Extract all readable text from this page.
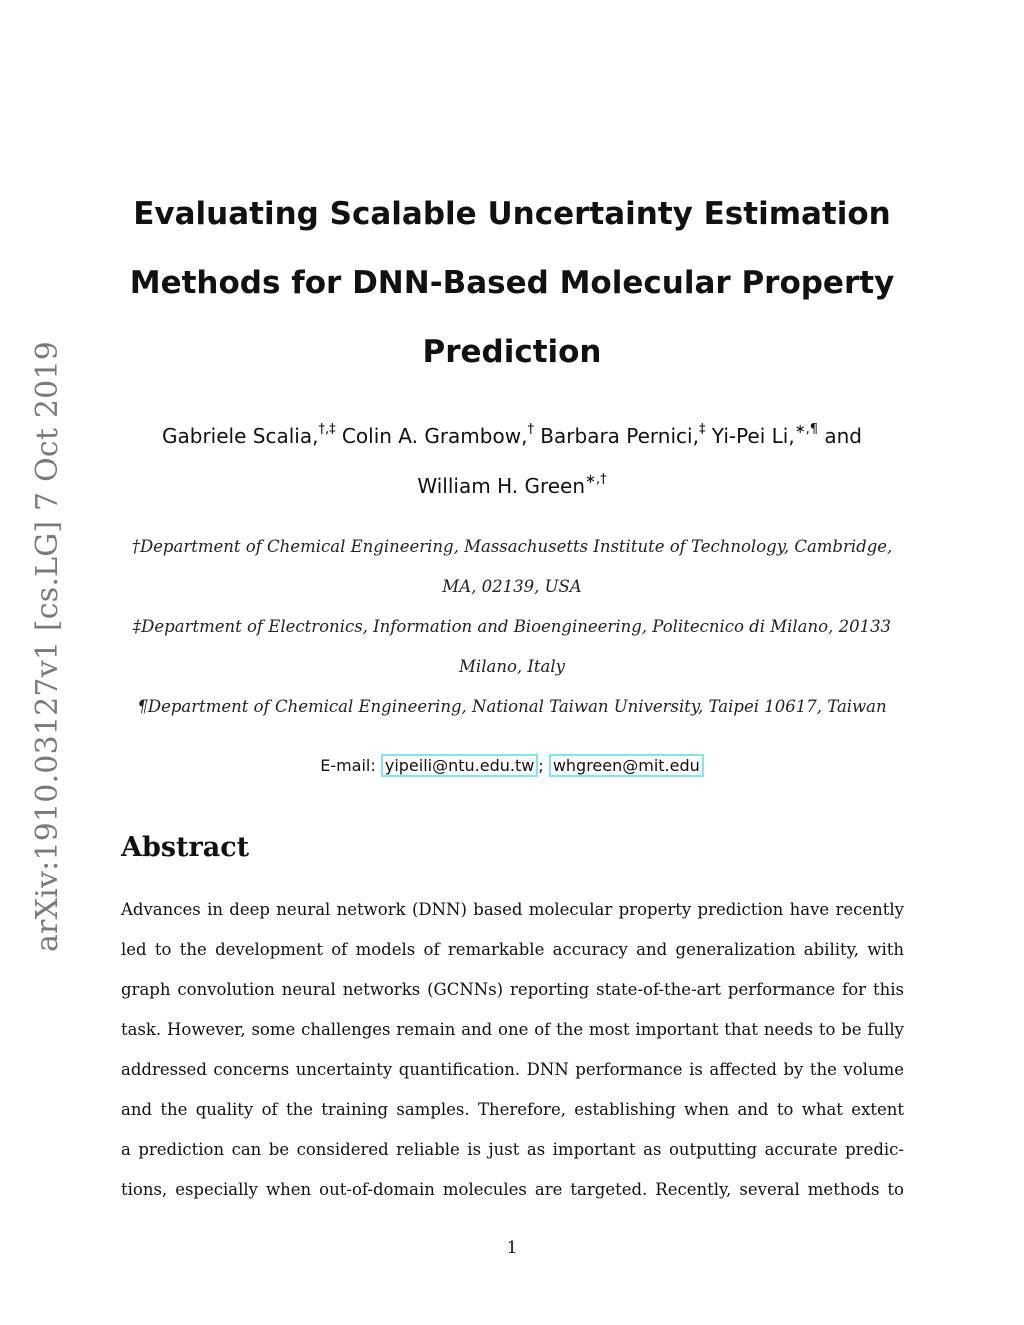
arXiv:1910.03127v1 [cs.LG] 7 Oct 2019
Evaluating Scalable Uncertainty Estimation
Methods for DNN-Based Molecular Property
Prediction
Gabriele Scalia,†,‡ Colin A. Grambow,† Barbara Pernici,‡ Yi-Pei Li,∗,¶ and
William H. Green∗,†
†Department of Chemical Engineering, Massachusetts Institute of Technology, Cambridge,
MA, 02139, USA
‡Department of Electronics, Information and Bioengineering, Politecnico di Milano, 20133
Milano, Italy
¶Department of Chemical Engineering, National Taiwan University, Taipei 10617, Taiwan
E-mail: yipeili@ntu.edu.tw ; whgreen@mit.edu
Abstract
Advances in deep neural network (DNN) based molecular property prediction have recently
led to the development of models of remarkable accuracy and generalization ability, with
graph convolution neural networks (GCNNs) reporting state-of-the-art performance for this
task. However, some challenges remain and one of the most important that needs to be fully
addressed concerns uncertainty quantification. DNN performance is affected by the volume
and the quality of the training samples. Therefore, establishing when and to what extent
a prediction can be considered reliable is just as important as outputting accurate predic-
tions, especially when out-of-domain molecules are targeted. Recently, several methods to
1
